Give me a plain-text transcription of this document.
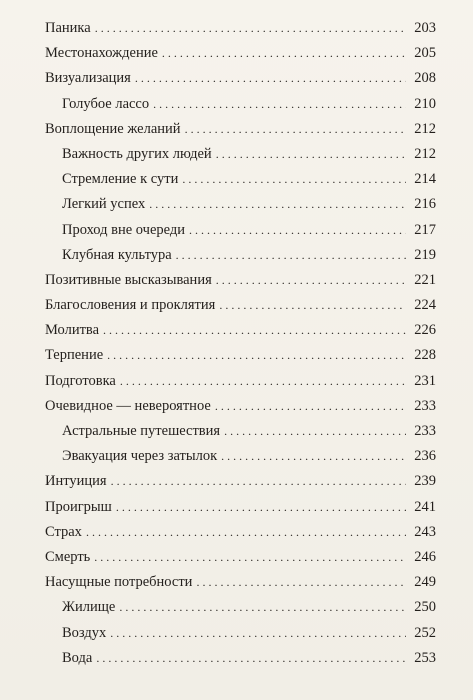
Паника . . .	203
Местонахождение . . .	205
Визуализация . . .	208
Голубое лассо . . .	210
Воплощение желаний . . .	212
Важность других людей . . .	212
Стремление к сути . . .	214
Легкий успех . . .	216
Проход вне очереди . . .	217
Клубная культура . . .	219
Позитивные высказывания . . .	221
Благословения и проклятия . . .	224
Молитва . . .	226
Терпение . . .	228
Подготовка . . .	231
Очевидное — невероятное . . .	233
Астральные путешествия . . .	233
Эвакуация через затылок . . .	236
Интуиция . . .	239
Проигрыш . . .	241
Страх . . .	243
Смерть . . .	246
Насущные потребности . . .	249
Жилище . . .	250
Воздух . . .	252
Вода . . .	253
